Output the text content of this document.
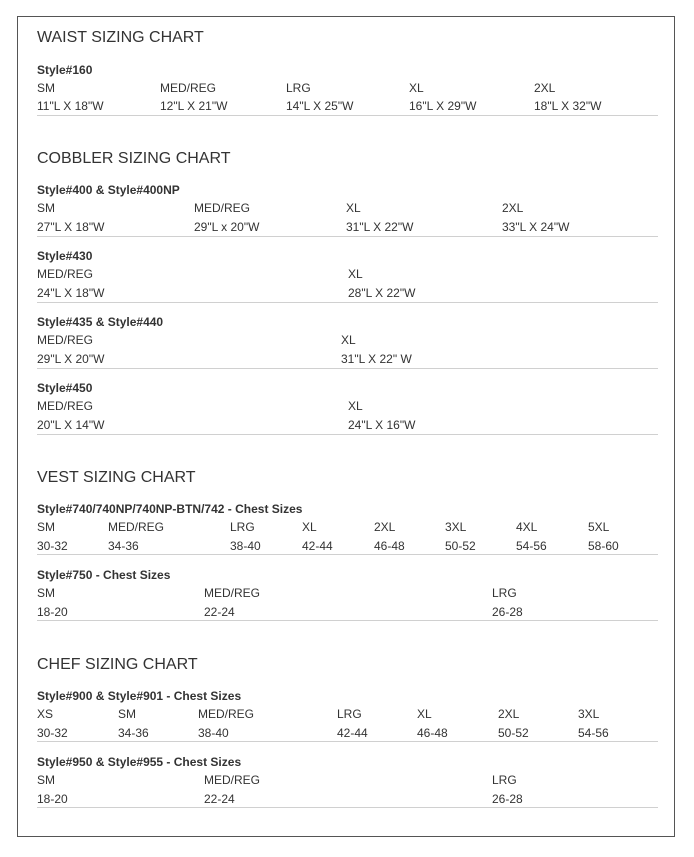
WAIST SIZING CHART
Style#160
SM	MED/REG	LRG	XL	2XL
11"L X 18"W	12"L X 21"W	14"L X 25"W	16"L X 29"W	18"L X 32"W
COBBLER SIZING CHART
Style#400 & Style#400NP
SM	MED/REG	XL	2XL
27"L X 18"W	29"L x 20"W	31"L X 22"W	33"L X 24"W
Style#430
MED/REG	XL
24"L X 18"W	28"L X 22"W
Style#435 & Style#440
MED/REG	XL
29"L X 20"W	31"L X 22" W
Style#450
MED/REG	XL
20"L X 14"W	24"L X 16"W
VEST SIZING CHART
Style#740/740NP/740NP-BTN/742 - Chest Sizes
SM	MED/REG	LRG	XL	2XL	3XL	4XL	5XL
30-32	34-36	38-40	42-44	46-48	50-52	54-56	58-60
Style#750 - Chest Sizes
SM	MED/REG	LRG
18-20	22-24	26-28
CHEF SIZING CHART
Style#900 & Style#901 - Chest Sizes
XS	SM	MED/REG	LRG	XL	2XL	3XL
30-32	34-36	38-40	42-44	46-48	50-52	54-56
Style#950 & Style#955 - Chest Sizes
SM	MED/REG	LRG
18-20	22-24	26-28
